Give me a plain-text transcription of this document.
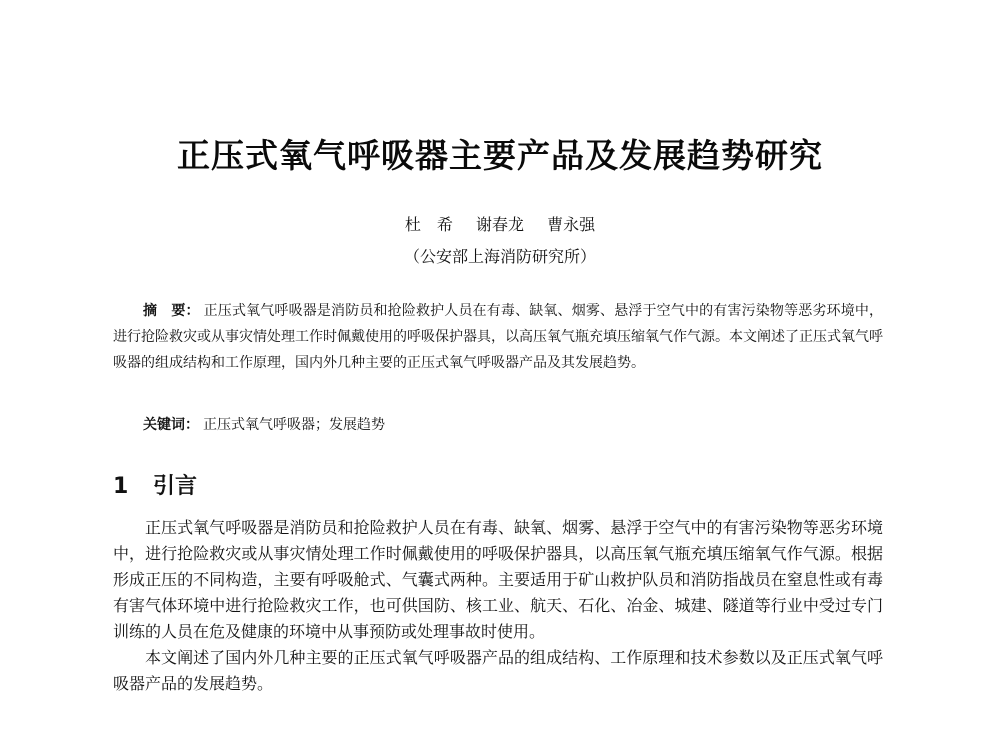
正压式氧气呼吸器主要产品及发展趋势研究
杜　希 谢春龙 曹永强
（公安部上海消防研究所）
摘　要： 正压式氧气呼吸器是消防员和抢险救护人员在有毒、缺氧、烟雾、悬浮于空气中的有害污染物等恶劣环境中，进行抢险救灾或从事灾情处理工作时佩戴使用的呼吸保护器具，以高压氧气瓶充填压缩氧气作气源。本文阐述了正压式氧气呼吸器的组成结构和工作原理，国内外几种主要的正压式氧气呼吸器产品及其发展趋势。
关键词： 正压式氧气呼吸器；发展趋势
1 引言

正压式氧气呼吸器是消防员和抢险救护人员在有毒、缺氧、烟雾、悬浮于空气中的有害污染物等恶劣环境中，进行抢险救灾或从事灾情处理工作时佩戴使用的呼吸保护器具，以高压氧气瓶充填压缩氧气作气源。根据形成正压的不同构造，主要有呼吸舱式、气囊式两种。主要适用于矿山救护队员和消防指战员在窒息性或有毒有害气体环境中进行抢险救灾工作，也可供国防、核工业、航天、石化、冶金、城建、隧道等行业中受过专门训练的人员在危及健康的环境中从事预防或处理事故时使用。

本文阐述了国内外几种主要的正压式氧气呼吸器产品的组成结构、工作原理和技术参数以及正压式氧气呼吸器产品的发展趋势。
